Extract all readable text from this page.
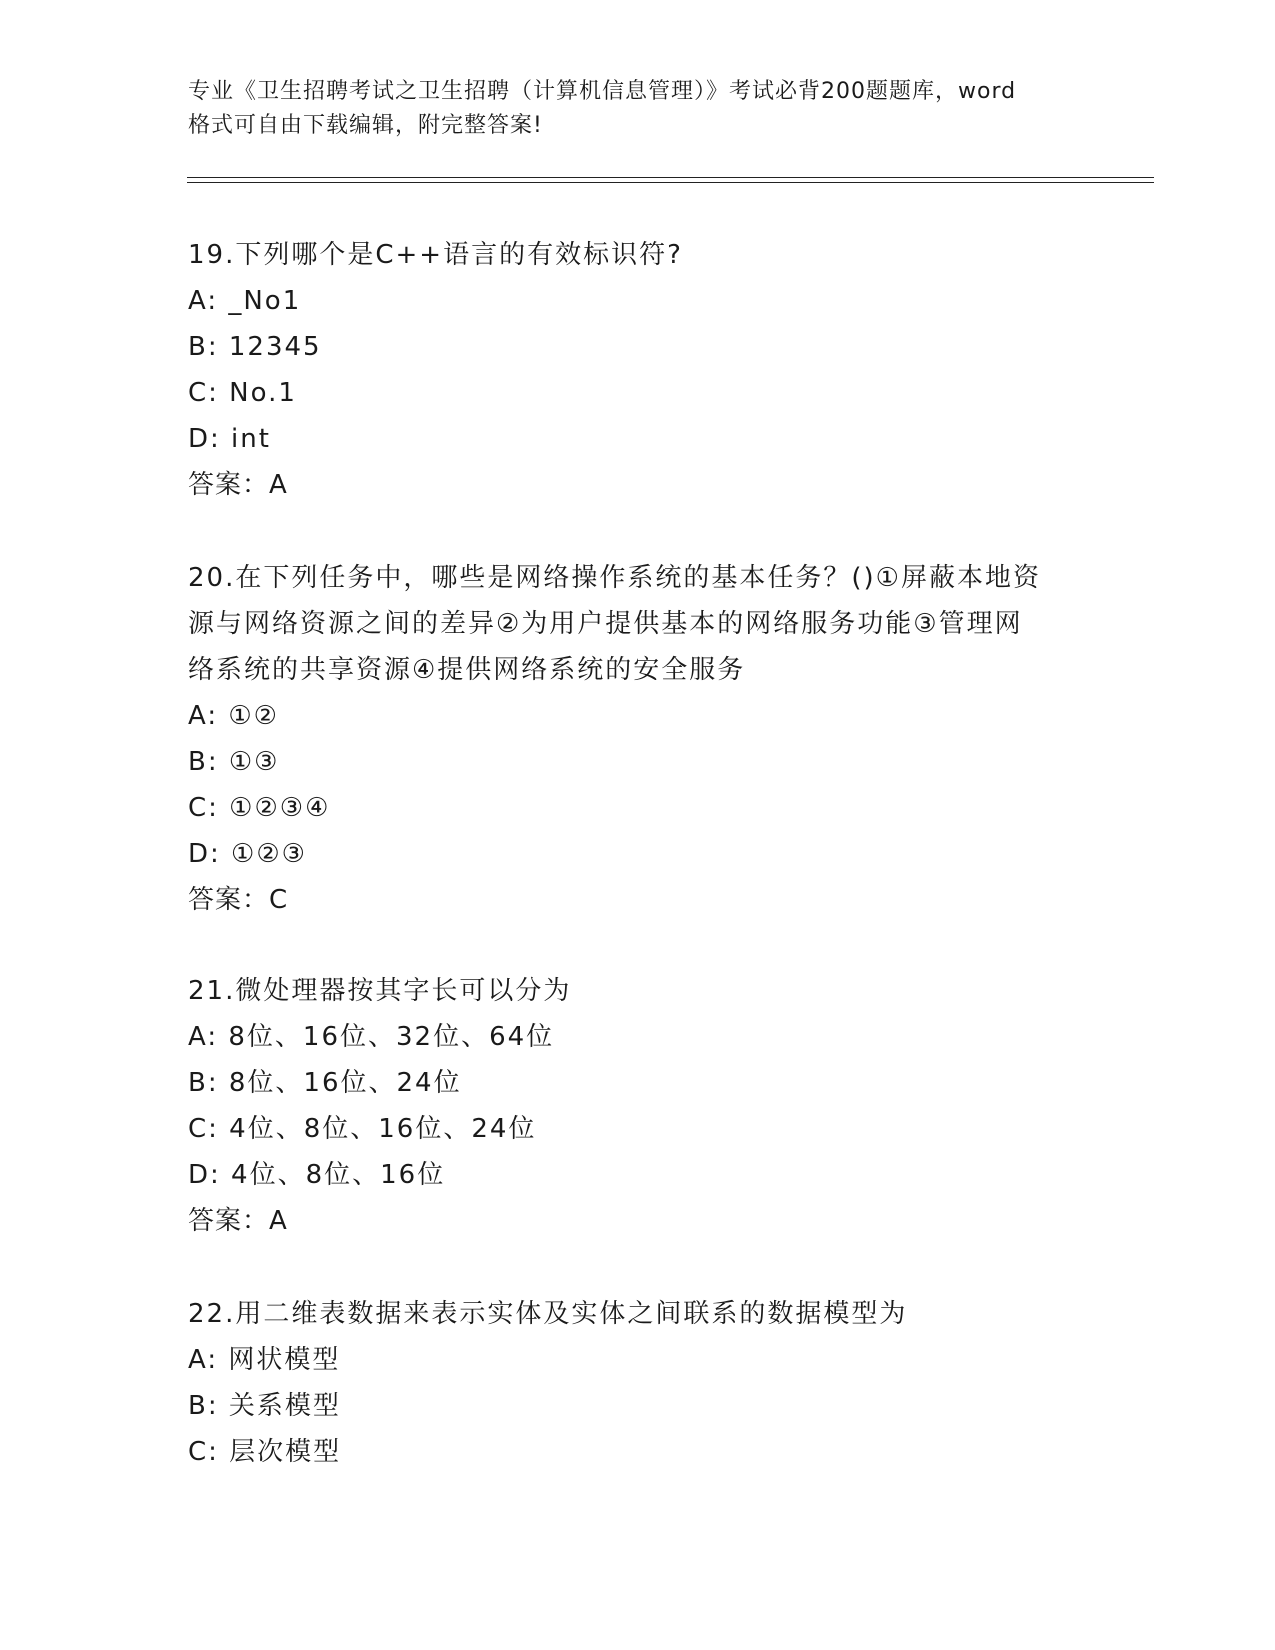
专业《卫生招聘考试之卫生招聘（计算机信息管理）》考试必背200题题库，word
格式可自由下载编辑，附完整答案!
19.下列哪个是C++语言的有效标识符?
A: _No1
B: 12345
C: No.1
D: int
答案：A
20.在下列任务中，哪些是网络操作系统的基本任务？()①屏蔽本地资
源与网络资源之间的差异②为用户提供基本的网络服务功能③管理网
络系统的共享资源④提供网络系统的安全服务
A: ①②
B: ①③
C: ①②③④
D: ①②③
答案：C
21.微处理器按其字长可以分为
A: 8位、16位、32位、64位
B: 8位、16位、24位
C: 4位、8位、16位、24位
D: 4位、8位、16位
答案：A
22.用二维表数据来表示实体及实体之间联系的数据模型为
A: 网状模型
B: 关系模型
C: 层次模型
